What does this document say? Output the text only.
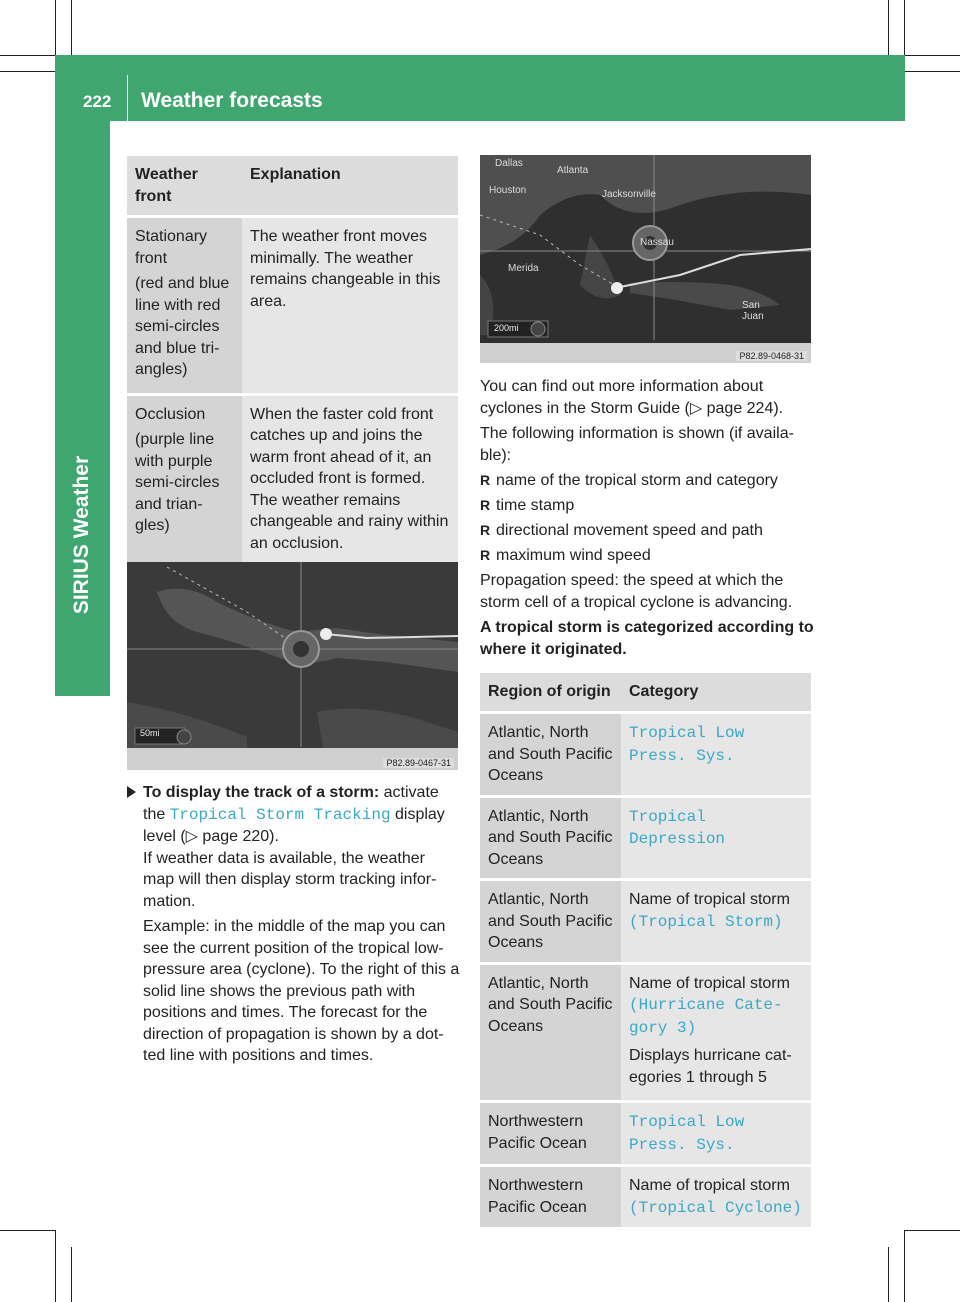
222 Weather forecasts
SIRIUS Weather
Weather front	Explanation

Stationary front

(red and blue line with red semi-circles and blue tri-angles)	The weather front moves minimally. The weather remains changeable in this area.

Occlusion

(purple line with purple semi-circles and trian-gles)	When the faster cold front catches up and joins the warm front ahead of it, an occluded front is formed. The weather remains changeable and rainy within an occlusion.
50mi
P82.89-0467-31

To display the track of a storm: activate the Tropical Storm Tracking display level (▷ page 220).
If weather data is available, the weather map will then display storm tracking infor-mation.

Example: in the middle of the map you can see the current position of the tropical low-pressure area (cyclone). To the right of this a solid line shows the previous path with positions and times. The forecast for the direction of propagation is shown by a dot-ted line with positions and times.

Dallas
Atlanta
Houston	Jacksonville
Nassau
Merida
San Juan
200mi
P82.89-0468-31

You can find out more information about cyclones in the Storm Guide (▷ page 224).

The following information is shown (if availa-ble):

R name of the tropical storm and category
R time stamp
R directional movement speed and path
R maximum wind speed

Propagation speed: the speed at which the storm cell of a tropical cyclone is advancing.

A tropical storm is categorized according to where it originated.

Region of origin	Category
Atlantic, North and South Pacific Oceans	Tropical Low Press. Sys.
Atlantic, North and South Pacific Oceans	Tropical Depression
Atlantic, North and South Pacific Oceans	Name of tropical storm
(Tropical Storm)
Atlantic, North and South Pacific Oceans	Name of tropical storm
(Hurricane Cate-gory 3)

Displays hurricane cat-egories 1 through 5

Northwestern Pacific Ocean	Tropical Low Press. Sys.
Northwestern Pacific Ocean	Name of tropical storm
(Tropical Cyclone)
